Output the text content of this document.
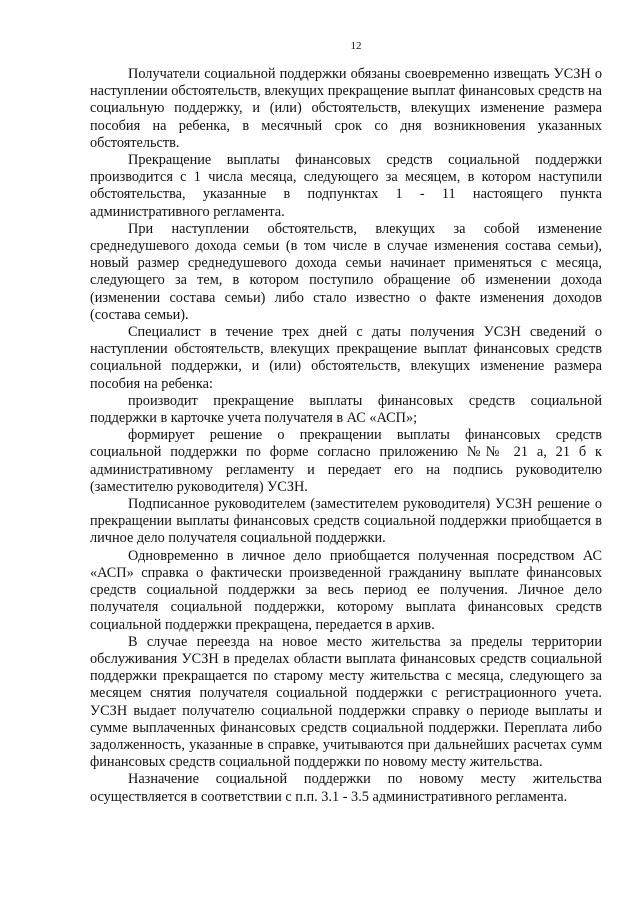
12

Получатели социальной поддержки обязаны своевременно извещать УСЗН о наступлении обстоятельств, влекущих прекращение выплат финансовых средств на социальную поддержку, и (или) обстоятельств, влекущих изменение размера пособия на ребенка, в месячный срок со дня возникновения указанных обстоятельств.

Прекращение выплаты финансовых средств социальной поддержки производится с 1 числа месяца, следующего за месяцем, в котором наступили обстоятельства, указанные в подпунктах 1 - 11 настоящего пункта административного регламента.

При наступлении обстоятельств, влекущих за собой изменение среднедушевого дохода семьи (в том числе в случае изменения состава семьи), новый размер среднедушевого дохода семьи начинает применяться с месяца, следующего за тем, в котором поступило обращение об изменении дохода (изменении состава семьи) либо стало известно о факте изменения доходов (состава семьи).

Специалист в течение трех дней с даты получения УСЗН сведений о наступлении обстоятельств, влекущих прекращение выплат финансовых средств социальной поддержки, и (или) обстоятельств, влекущих изменение размера пособия на ребенка:

производит прекращение выплаты финансовых средств социальной поддержки в карточке учета получателя в АС «АСП»;

формирует решение о прекращении выплаты финансовых средств социальной поддержки по форме согласно приложению №№ 21 а, 21 б к административному регламенту и передает его на подпись руководителю (заместителю руководителя) УСЗН.

Подписанное руководителем (заместителем руководителя) УСЗН решение о прекращении выплаты финансовых средств социальной поддержки приобщается в личное дело получателя социальной поддержки.

Одновременно в личное дело приобщается полученная посредством АС «АСП» справка о фактически произведенной гражданину выплате финансовых средств социальной поддержки за весь период ее получения. Личное дело получателя социальной поддержки, которому выплата финансовых средств социальной поддержки прекращена, передается в архив.

В случае переезда на новое место жительства за пределы территории обслуживания УСЗН в пределах области выплата финансовых средств социальной поддержки прекращается по старому месту жительства с месяца, следующего за месяцем снятия получателя социальной поддержки с регистрационного учета. УСЗН выдает получателю социальной поддержки справку о периоде выплаты и сумме выплаченных финансовых средств социальной поддержки. Переплата либо задолженность, указанные в справке, учитываются при дальнейших расчетах сумм финансовых средств социальной поддержки по новому месту жительства.

Назначение социальной поддержки по новому месту жительства осуществляется в соответствии с п.п. 3.1 - 3.5 административного регламента.
